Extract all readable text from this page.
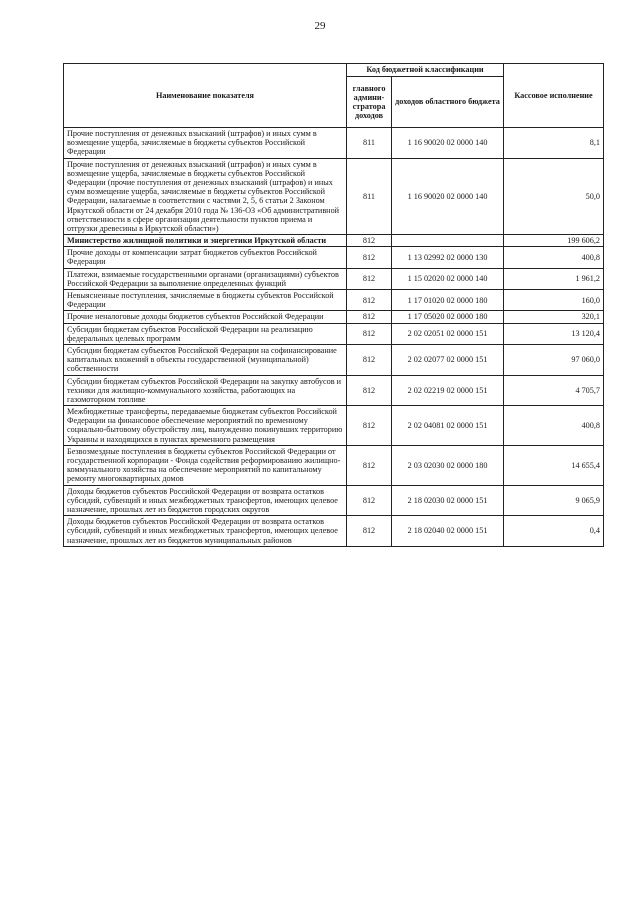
29
Наименование показателя	Код бюджетной классификации		Кассовое исполнение
	главного админи- стратора доходов	доходов областного бюджета	
Прочие поступления от денежных взысканий (штрафов) и иных сумм в возмещение ущерба, зачисляемые в бюджеты субъектов Российской Федерации	811	1 16 90020 02 0000 140	8,1
Прочие поступления от денежных взысканий (штрафов) и иных сумм в возмещение ущерба, зачисляемые в бюджеты субъектов Российской Федерации (прочие поступления от денежных взысканий (штрафов) и иных сумм возмещение ущерба, зачисляемые в бюджеты субъектов Российской Федерации, налагаемые в соответствии с частями 2, 5, 6 статьи 2 Законом Иркутской области от 24 декабря 2010 года № 136-ОЗ «Об административной ответственности в сфере организации деятельности пунктов приема и отгрузки древесины в Иркутской области»)	811	1 16 90020 02 0000 140	50,0
Министерство жилищной политики и энергетики Иркутской области	812		199 606,2
Прочие доходы от компенсации затрат бюджетов субъектов Российской Федерации	812	1 13 02992 02 0000 130	400,8
Платежи, взимаемые государственными органами (организациями) субъектов Российской Федерации за выполнение определенных функций	812	1 15 02020 02 0000 140	1 961,2
Невыясненные поступления, зачисляемые в бюджеты субъектов Российской Федерации	812	1 17 01020 02 0000 180	160,0
Прочие неналоговые доходы бюджетов субъектов Российской Федерации	812	1 17 05020 02 0000 180	320,1
Субсидии бюджетам субъектов Российской Федерации на реализацию федеральных целевых программ	812	2 02 02051 02 0000 151	13 120,4
Субсидии бюджетам субъектов Российской Федерации на софинансирование капитальных вложений в объекты государственной (муниципальной) собственности	812	2 02 02077 02 0000 151	97 060,0
Субсидии бюджетам субъектов Российской Федерации на закупку автобусов и техники для жилищно-коммунального хозяйства, работающих на газомоторном топливе	812	2 02 02219 02 0000 151	4 705,7
Межбюджетные трансферты, передаваемые бюджетам субъектов Российской Федерации на финансовое обеспечение мероприятий по временному социально-бытовому обустройству лиц, вынужденно покинувших территорию Украины и находящихся в пунктах временного размещения	812	2 02 04081 02 0000 151	400,8
Безвозмездные поступления в бюджеты субъектов Российской Федерации от государственной корпорации - Фонда содействия реформированию жилищно-коммунального хозяйства на обеспечение мероприятий по капитальному ремонту многоквартирных домов	812	2 03 02030 02 0000 180	14 655,4
Доходы бюджетов субъектов Российской Федерации от возврата остатков субсидий, субвенций и иных межбюджетных трансфертов, имеющих целевое назначение, прошлых лет из бюджетов городских округов	812	2 18 02030 02 0000 151	9 065,9
Доходы бюджетов субъектов Российской Федерации от возврата остатков субсидий, субвенций и иных межбюджетных трансфертов, имеющих целевое назначение, прошлых лет из бюджетов муниципальных районов	812	2 18 02040 02 0000 151	0,4
